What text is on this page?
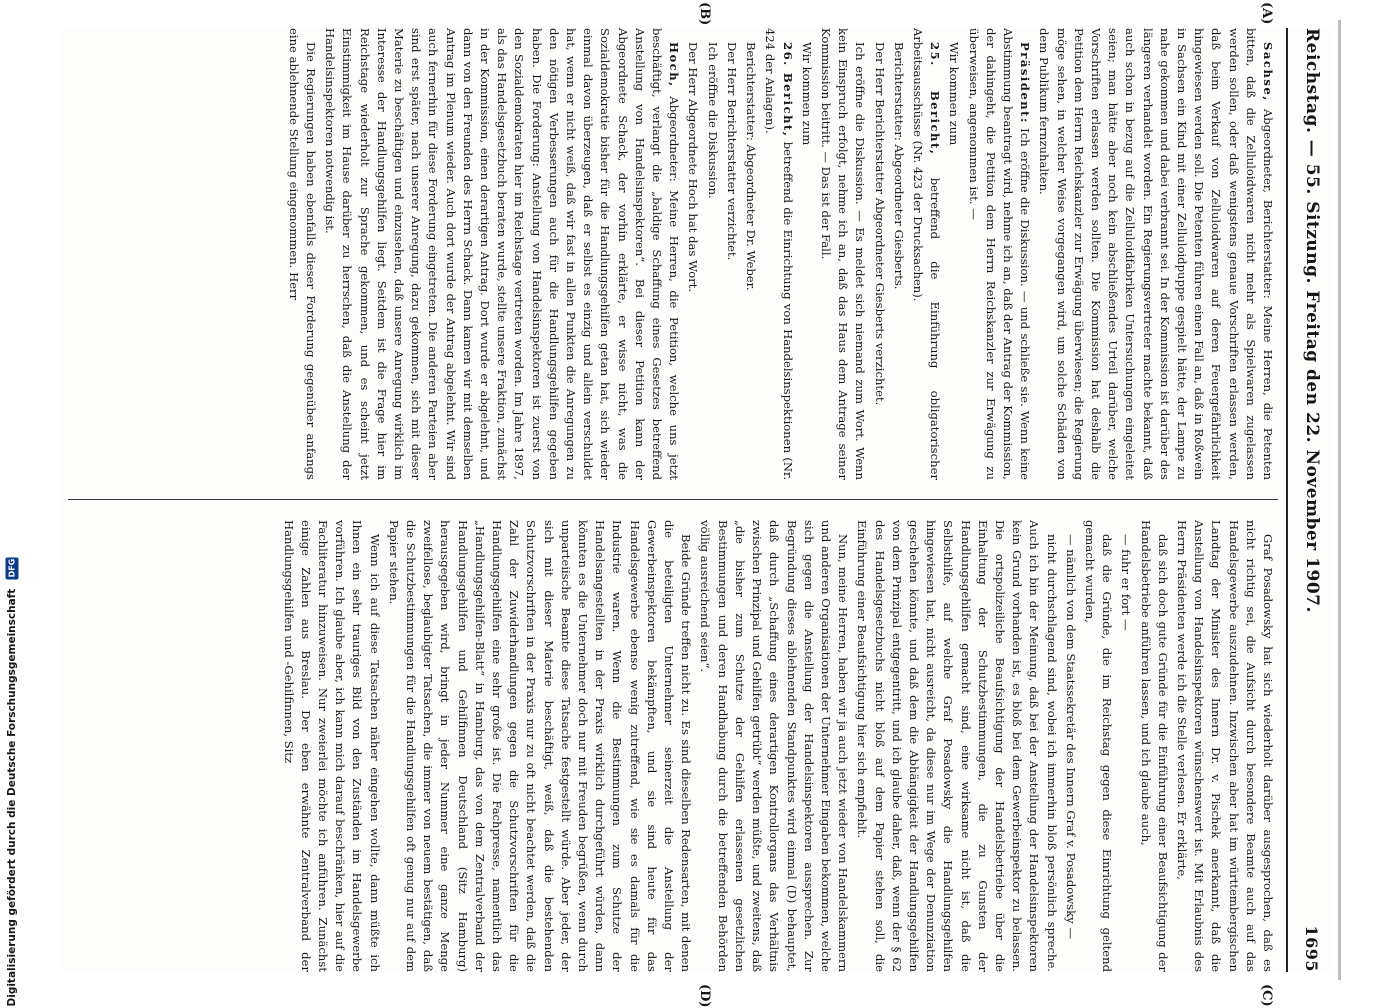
Digitalisierung gefördert durch die Deutsche Forschungsgemeinschaft DFG	Reichstag. — 55. Sitzung. Freitag den 22. November 1907.
1695
(A)
(B)
(C)
(D)

Sachse, Abgeordneter, Berichterstatter: Meine Herren, die Petenten bitten, daß die Zelluloidwaren nicht mehr als Spielwaren zugelassen werden sollen, oder daß wenigstens genaue Vorschriften erlassen werden, daß beim Verkauf von Zelluloidwaren auf deren Feuergefährlichkeit hingewiesen werden soll. Die Petenten führen einen Fall an, daß in Roßwein in Sachsen ein Kind mit einer Zelluloidpuppe gespielt hätte, der Lampe zu nahe gekommen und dabei verbrannt sei. In der Kommission ist darüber des längeren verhandelt worden. Ein Regierungsvertreter machte bekannt, daß auch schon in bezug auf die Zelluloidfabriken Untersuchungen eingeleitet seien; man hätte aber noch kein abschließendes Urteil darüber, welche Vorschriften erlassen werden sollten. Die Kommission hat deshalb die Petition dem Herrn Reichskanzler zur Erwägung überwiesen; die Regierung möge sehen, in welcher Weise vorgegangen wird, um solche Schäden von dem Publikum fernzuhalten.

Präsident: Ich eröffne die Diskussion. — und schließe sie. Wenn keine Abstimmung beantragt wird, nehme ich an, daß der Antrag der Kommission, der dahingeht, die Petition dem Herrn Reichskanzler zur Erwägung zu überweisen, angenommen ist. —

Wir kommen zum

25. Bericht, betreffend die Einführung obligatorischer Arbeitsausschüsse (Nr. 423 der Drucksachen).

Berichterstatter: Abgeordneter Giesberts.

Der Herr Berichterstatter Abgeordneter Giesberts verzichtet.

Ich eröffne die Diskussion. — Es meldet sich niemand zum Wort. Wenn kein Einspruch erfolgt, nehme ich an, daß das Haus dem Antrage seiner Kommission beitritt. — Das ist der Fall.

Wir kommen zum

26. Bericht, betreffend die Einrichtung von Handelsinspektionen (Nr. 424 der Anlagen).

Berichterstatter: Abgeordneter Dr. Weber.

Der Herr Berichterstatter verzichtet.

Ich eröffne die Diskussion.

Der Herr Abgeordnete Hoch hat das Wort.

Hoch, Abgeordneter: Meine Herren, die Petition, welche uns jetzt beschäftigt, verlangt die „baldige Schaffung eines Gesetzes betreffend Anstellung von Handelsinspektoren“. Bei dieser Petition kann der Abgeordnete Schack, der vorhin erklärte, er wisse nicht, was die Sozialdemokratie bisher für die Handlungsgehilfen getan hat, sich wieder einmal davon überzeugen, daß er selbst es einzig und allein verschuldet hat, wenn er nicht weiß, daß wir fast in allen Punkten die Anregungen zu den nötigen Verbesserungen auch für die Handlungsgehilfen gegeben haben. Die Forderung: Anstellung von Handelsinspektoren ist zuerst von den Sozialdemokraten hier im Reichstage vertreten worden. Im Jahre 1897, als das Handelsgesetzbuch beraten wurde, stellte unsere Fraktion, zunächst in der Kommission, einen derartigen Antrag. Dort wurde er abgelehnt, und dann von den Freunden des Herrn Schack. Dann kamen wir mit demselben Antrag im Plenum wieder. Auch dort wurde der Antrag abgelehnt. Wir sind auch fernerhin für diese Forderung eingetreten. Die anderen Parteien aber sind erst später, nach unserer Anregung, dazu gekommen, sich mit dieser Materie zu beschäftigen und einzusehen, daß unsere Anregung wirklich im Interesse der Handlungsgehilfen liegt. Seitdem ist die Frage hier im Reichstage wiederholt zur Sprache gekommen, und es scheint jetzt Einstimmigkeit im Hause darüber zu herrschen, daß die Anstellung der Handelsinspektoren notwendig ist.

Die Regierungen haben ebenfalls dieser Forderung gegenüber anfangs eine ablehnende Stellung eingenommen. Herr

Graf Posadowsky hat sich wiederholt darüber ausgesprochen, daß es nicht richtig sei, die Aufsicht durch besondere Beamte auch auf das Handelsgewerbe auszudehnen. Inzwischen aber hat im württembergischen Landtag der Minister des Innern Dr. v. Pischek anerkannt, daß die Anstellung von Handelsinspektoren wünschenswert ist. Mit Erlaubnis des Herrn Präsidenten werde ich die Stelle verlesen. Er erklärte,

daß sich doch gute Gründe für die Einführung einer Beaufsichtigung der Handelsbetriebe anführen lassen, und ich glaube auch,

— fuhr er fort —

daß die Gründe, die im Reichstag gegen diese Einrichtung geltend gemacht wurden,

— nämlich von dem Staatssekretär des Innern Graf v. Posadowsky —

nicht durchschlagend sind, wobei ich immerhin bloß persönlich spreche. Auch ich bin der Meinung, daß bei der Anstellung der Handelsinspektoren kein Grund vorhanden ist, es bloß bei dem Gewerbeinspektor zu belassen. Die ortspolizeiliche Beaufsichtigung der Handelsbetriebe über die Einhaltung der Schutzbestimmungen, die zu Gunsten der Handlungsgehilfen gemacht sind, eine wirksame nicht ist, daß die Selbsthilfe, auf welche Graf Posadowsky die Handlungsgehilfen hingewiesen hat, nicht ausreicht, da diese nur im Wege der Denunziation geschehen könnte, und daß dem die Abhängigkeit der Handlungsgehilfen von dem Prinzipal entgegentritt, und ich glaube daher, daß, wenn der § 62 des Handelsgesetzbuchs nicht bloß auf dem Papier stehen soll, die Einführung einer Beaufsichtigung hier sich empfiehlt.

Nun, meine Herren, haben wir ja auch jetzt wieder von Handelskammern und anderen Organisationen der Unternehmer Eingaben bekommen, welche sich gegen die Anstellung der Handelsinspektoren aussprechen. Zur Begründung dieses ablehnenden Standpunktes wird einmal (D) behauptet, daß durch „Schaffung eines derartigen Kontrollorgans das Verhältnis zwischen Prinzipal und Gehilfen getrübt“ werden müßte, und zweitens, daß „die bisher zum Schutze der Gehilfen erlassenen gesetzlichen Bestimmungen und deren Handhabung durch die betreffenden Behörden völlig ausreichend seien“.

Beide Gründe treffen nicht zu. Es sind dieselben Redensarten, mit denen die beteiligten Unternehmer seinerzeit die Anstellung der Gewerbeinspektoren bekämpften, und sie sind heute für das Handelsgewerbe ebenso wenig zutreffend, wie sie es damals für die Industrie waren. Wenn die Bestimmungen zum Schutze der Handelsangestellten in der Praxis wirklich durchgeführt würden, dann könnten es die Unternehmer doch nur mit Freuden begrüßen, wenn durch unparteiische Beamte diese Tatsache festgestellt würde. Aber jeder, der sich mit dieser Materie beschäftigt, weiß, daß die bestehenden Schutzvorschriften in der Praxis nur zu oft nicht beachtet werden, daß die Zahl der Zuwiderhandlungen gegen die Schutzvorschriften für die Handlungsgehilfen eine sehr große ist. Die Fachpresse, namentlich das „Handlungsgehilfen-Blatt“ in Hamburg, das von dem Zentralverband der Handlungsgehilfen und Gehilfinnen Deutschland (Sitz Hamburg) herausgegeben wird, bringt in jeder Nummer eine ganze Menge zweifellose, beglaubigter Tatsachen, die immer von neuem bestätigen, daß die Schutzbestimmungen für die Handlungsgehilfen oft genug nur auf dem Papier stehen.

Wenn ich auf diese Tatsachen näher eingehen wollte, dann müßte ich Ihnen ein sehr trauriges Bild von den Zuständen im Handelsgewerbe vorführen. Ich glaube aber, ich kann mich darauf beschränken, hier auf die Fachliteratur hinzuweisen. Nur zweierlei möchte ich anführen. Zunächst einige Zahlen aus Breslau. Der eben erwähnte Zentralverband der Handlungsgehilfen und -Gehilfinnen, Sitz
